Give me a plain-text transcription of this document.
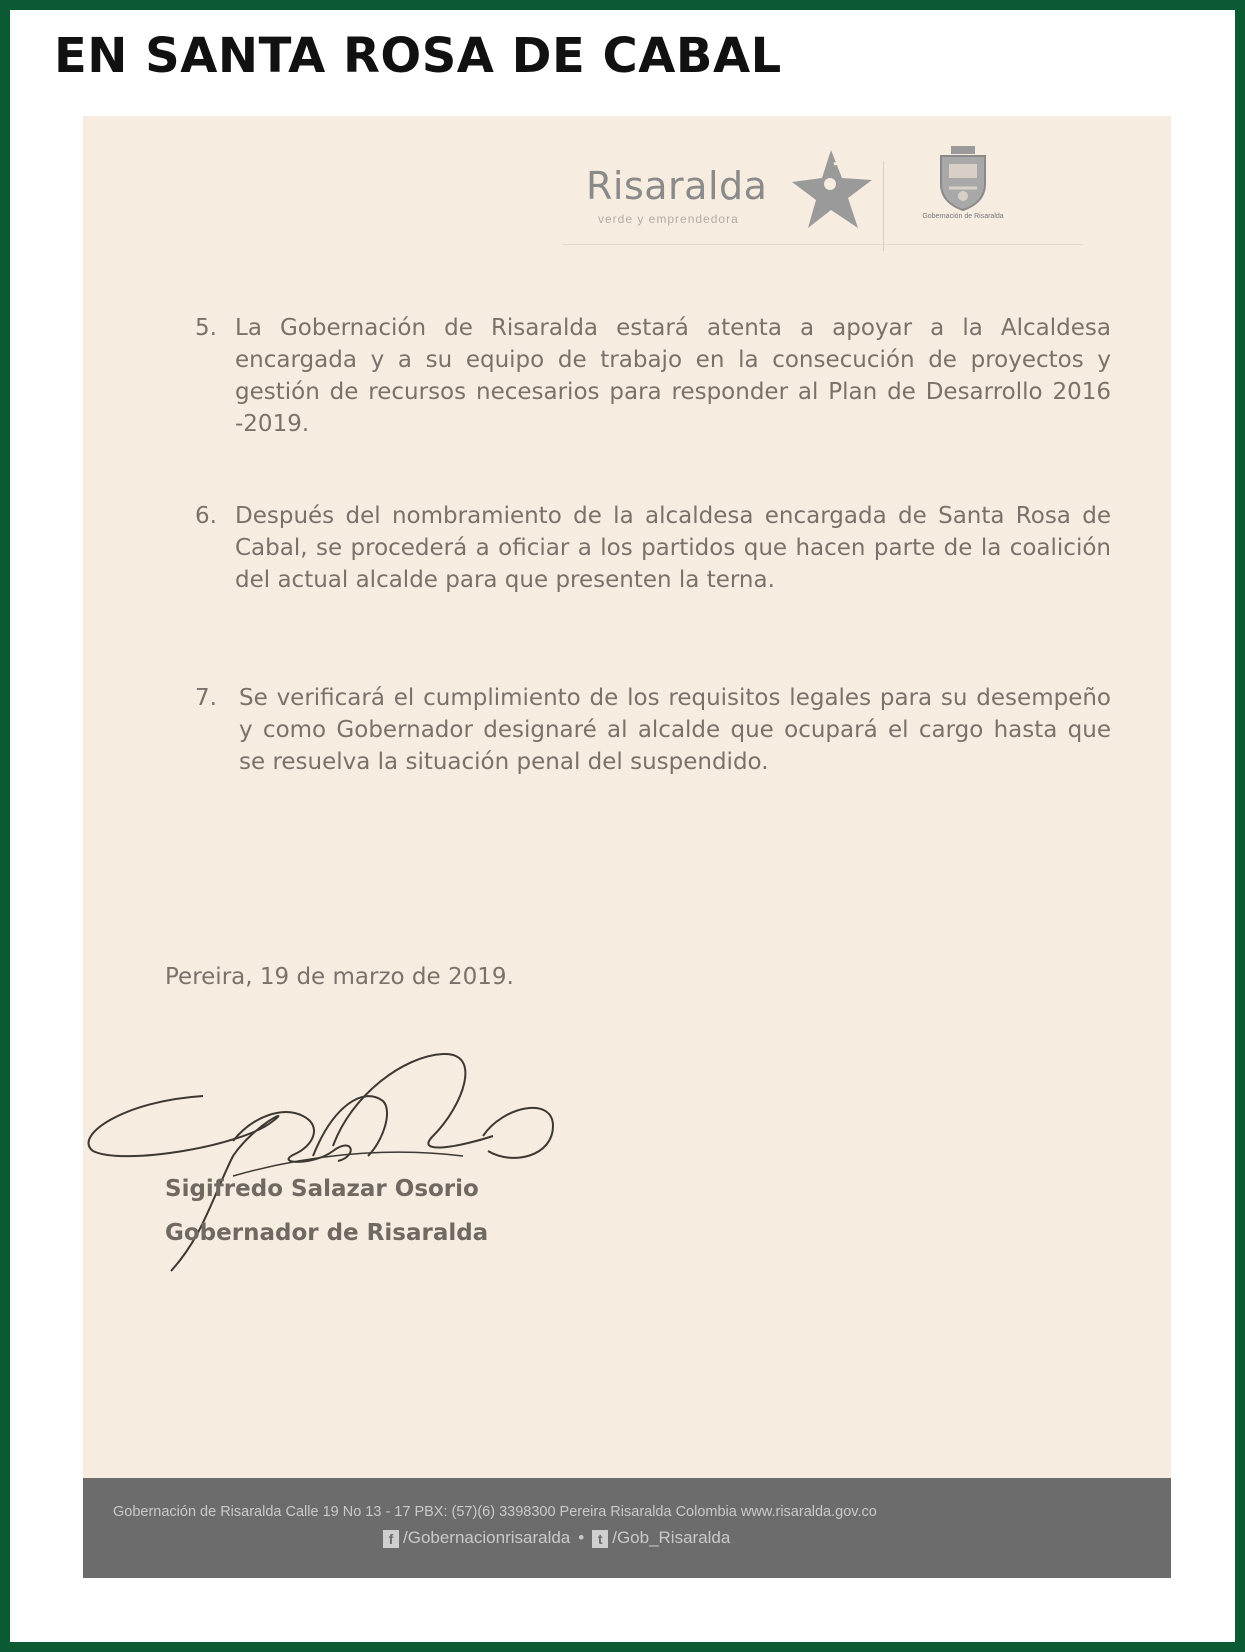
EN SANTA ROSA DE CABAL
Risaralda
verde y emprendedora	Gobernación de Risaralda
5. La Gobernación de Risaralda estará atenta a apoyar a la Alcaldesa encargada y a su equipo de trabajo en la consecución de proyectos y gestión de recursos necesarios para responder al Plan de Desarrollo 2016 -2019.
6. Después del nombramiento de la alcaldesa encargada de Santa Rosa de Cabal, se procederá a oficiar a los partidos que hacen parte de la coalición del actual alcalde para que presenten la terna.
7. Se verificará el cumplimiento de los requisitos legales para su desempeño y como Gobernador designaré al alcalde que ocupará el cargo hasta que se resuelva la situación penal del suspendido.
Pereira, 19 de marzo de 2019.
Sigifredo Salazar Osorio
Gobernador de Risaralda
Gobernación de Risaralda Calle 19 No 13 - 17 PBX: (57)(6) 3398300 Pereira Risaralda Colombia www.risaralda.gov.co
f /Gobernacionrisaralda • t /Gob_Risaralda
